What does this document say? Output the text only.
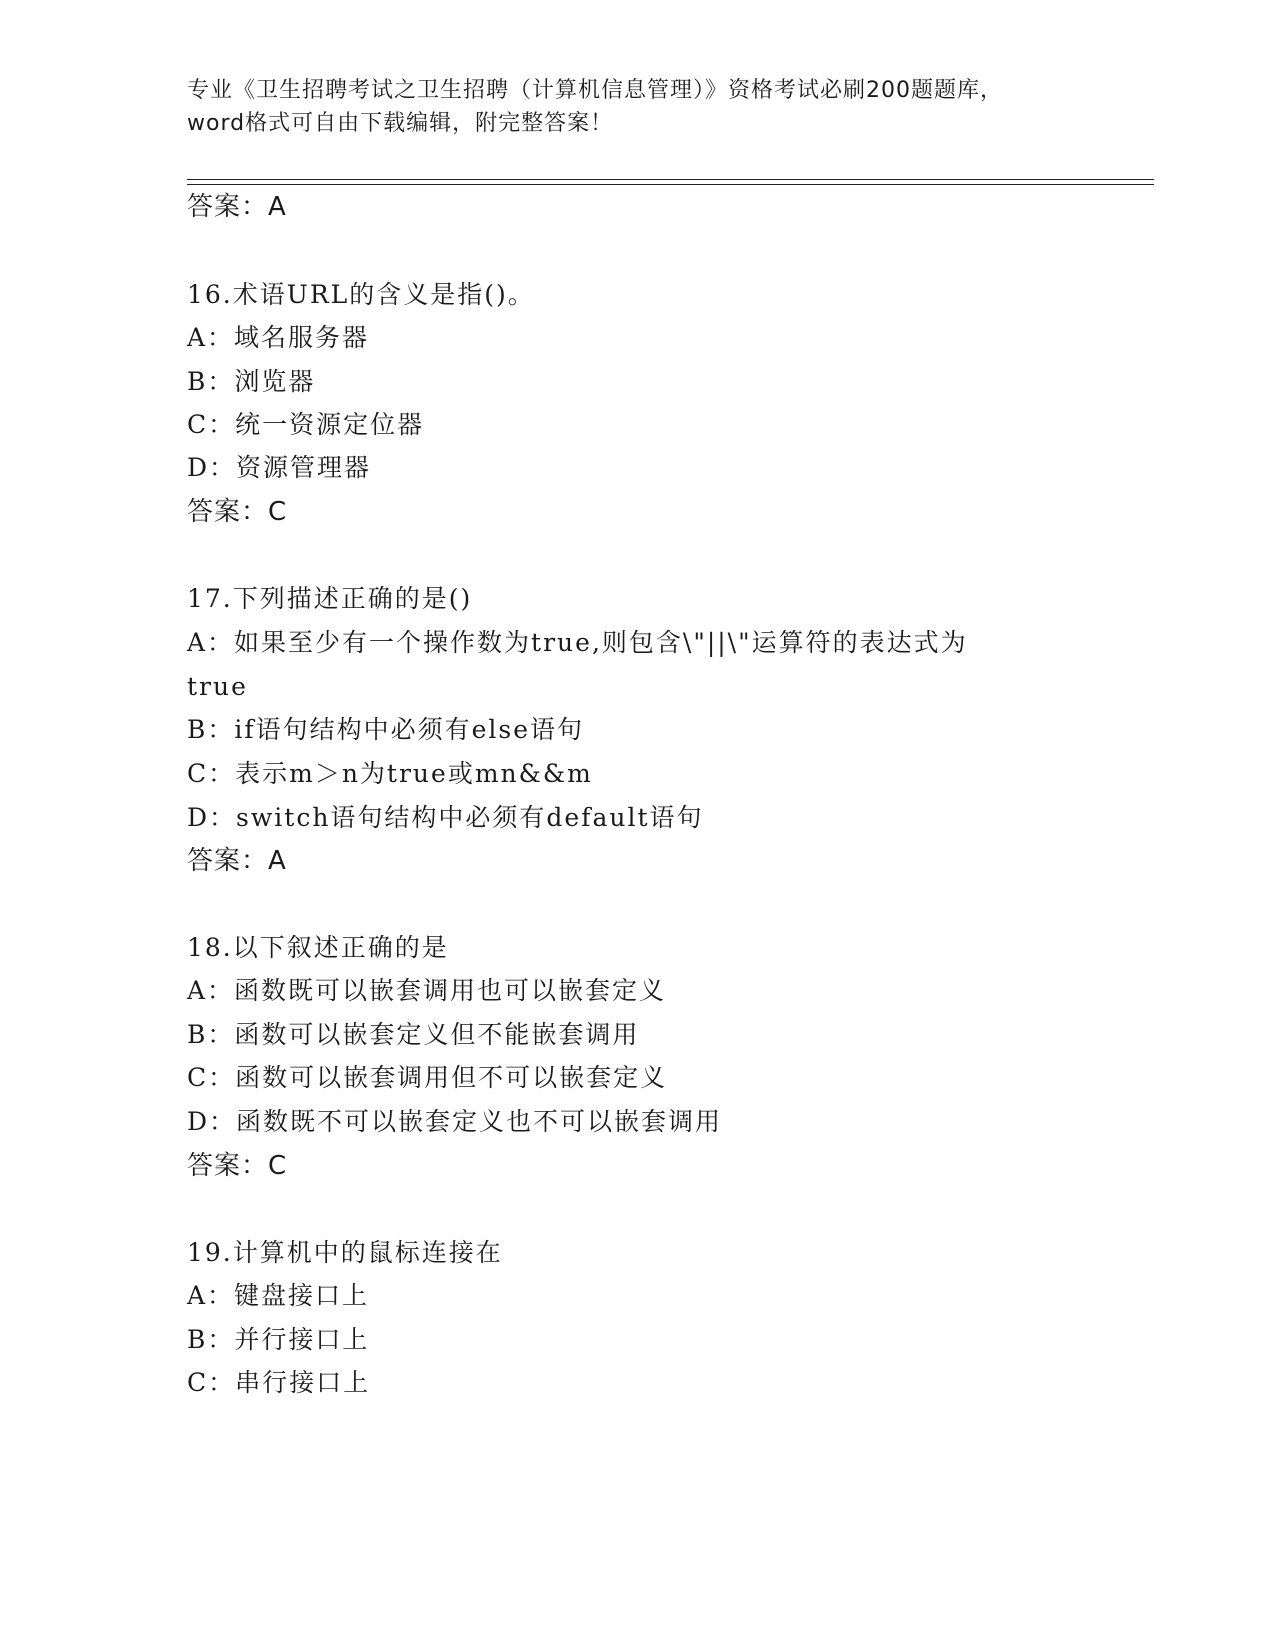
专业《卫生招聘考试之卫生招聘（计算机信息管理）》资格考试必刷200题题库，
word格式可自由下载编辑，附完整答案！
答案：A
16.术语URL的含义是指()。
A：域名服务器
B：浏览器
C：统一资源定位器
D：资源管理器
答案：C
17.下列描述正确的是()
A：如果至少有一个操作数为true,则包含\"||\"运算符的表达式为
true
B：if语句结构中必须有else语句
C：表示m＞n为true或mn&&m
D：switch语句结构中必须有default语句
答案：A
18.以下叙述正确的是
A：函数既可以嵌套调用也可以嵌套定义
B：函数可以嵌套定义但不能嵌套调用
C：函数可以嵌套调用但不可以嵌套定义
D：函数既不可以嵌套定义也不可以嵌套调用
答案：C
19.计算机中的鼠标连接在
A：键盘接口上
B：并行接口上
C：串行接口上
